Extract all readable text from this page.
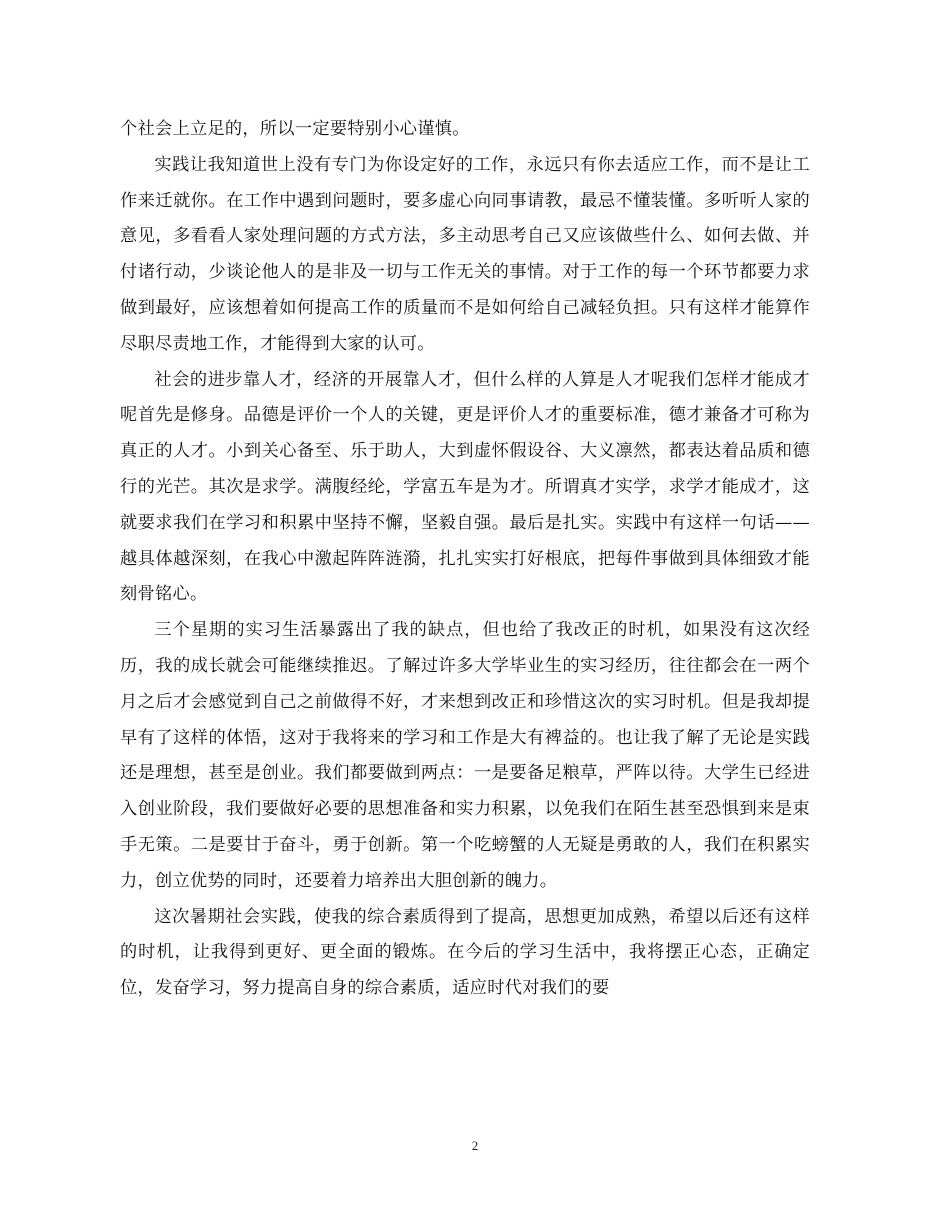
个社会上立足的，所以一定要特别小心谨慎。

实践让我知道世上没有专门为你设定好的工作，永远只有你去适应工作，而不是让工作来迁就你。在工作中遇到问题时，要多虚心向同事请教，最忌不懂装懂。多听听人家的意见，多看看人家处理问题的方式方法，多主动思考自己又应该做些什么、如何去做、并付诸行动，少谈论他人的是非及一切与工作无关的事情。对于工作的每一个环节都要力求做到最好，应该想着如何提高工作的质量而不是如何给自己减轻负担。只有这样才能算作尽职尽责地工作，才能得到大家的认可。

社会的进步靠人才，经济的开展靠人才，但什么样的人算是人才呢我们怎样才能成才呢首先是修身。品德是评价一个人的关键，更是评价人才的重要标准，德才兼备才可称为真正的人才。小到关心备至、乐于助人，大到虚怀假设谷、大义凛然，都表达着品质和德行的光芒。其次是求学。满腹经纶，学富五车是为才。所谓真才实学，求学才能成才，这就要求我们在学习和积累中坚持不懈，坚毅自强。最后是扎实。实践中有这样一句话——越具体越深刻，在我心中激起阵阵涟漪，扎扎实实打好根底，把每件事做到具体细致才能刻骨铭心。

三个星期的实习生活暴露出了我的缺点，但也给了我改正的时机，如果没有这次经历，我的成长就会可能继续推迟。了解过许多大学毕业生的实习经历，往往都会在一两个月之后才会感觉到自己之前做得不好，才来想到改正和珍惜这次的实习时机。但是我却提早有了这样的体悟，这对于我将来的学习和工作是大有裨益的。也让我了解了无论是实践还是理想，甚至是创业。我们都要做到两点：一是要备足粮草，严阵以待。大学生已经进入创业阶段，我们要做好必要的思想准备和实力积累，以免我们在陌生甚至恐惧到来是束手无策。二是要甘于奋斗，勇于创新。第一个吃螃蟹的人无疑是勇敢的人，我们在积累实力，创立优势的同时，还要着力培养出大胆创新的魄力。

这次暑期社会实践，使我的综合素质得到了提高，思想更加成熟，希望以后还有这样的时机，让我得到更好、更全面的锻炼。在今后的学习生活中，我将摆正心态，正确定位，发奋学习，努力提高自身的综合素质，适应时代对我们的要

2
